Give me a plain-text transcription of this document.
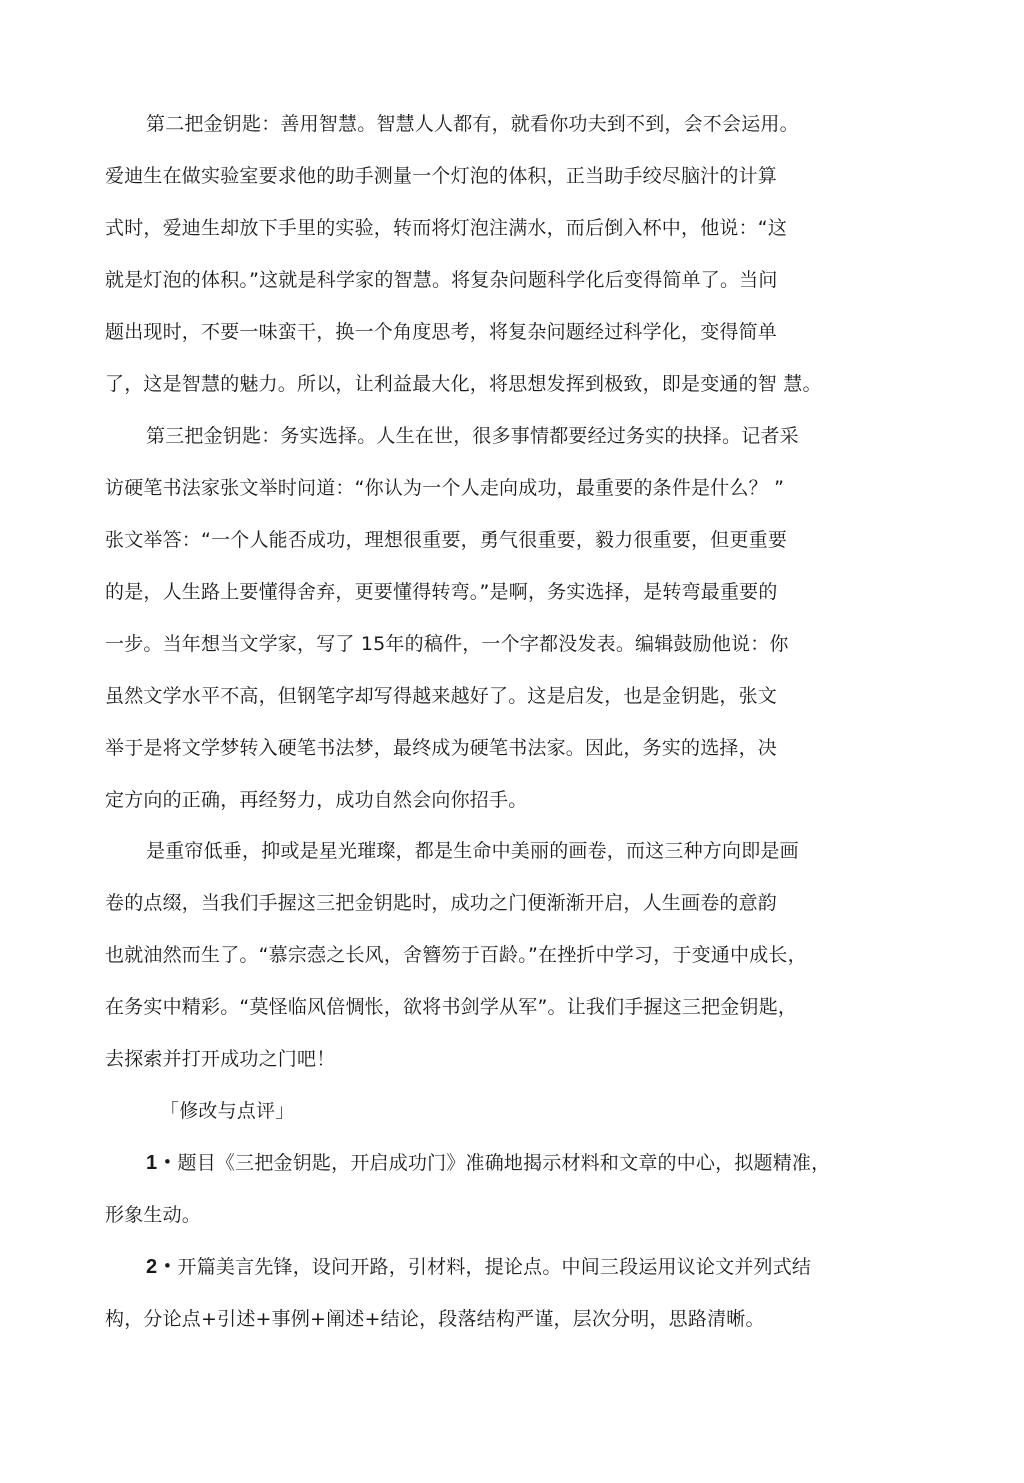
第二把金钥匙：善用智慧。智慧人人都有，就看你功夫到不到，会不会运用。
爱迪生在做实验室要求他的助手测量一个灯泡的体积，正当助手绞尽脑汁的计算
式时，爱迪生却放下手里的实验，转而将灯泡注满水，而后倒入杯中，他说：“这
就是灯泡的体积。”这就是科学家的智慧。将复杂问题科学化后变得简单了。当问
题出现时，不要一味蛮干，换一个角度思考，将复杂问题经过科学化，变得简单
了，这是智慧的魅力。所以，让利益最大化，将思想发挥到极致，即是变通的智 慧。
第三把金钥匙：务实选择。人生在世，很多事情都要经过务实的抉择。记者采
访硬笔书法家张文举时问道：“你认为一个人走向成功，最重要的条件是什么？ ”
张文举答：“一个人能否成功，理想很重要，勇气很重要，毅力很重要，但更重要
的是，人生路上要懂得舍弃，更要懂得转弯。”是啊，务实选择，是转弯最重要的
一步。当年想当文学家，写了 15年的稿件，一个字都没发表。编辑鼓励他说：你
虽然文学水平不高，但钢笔字却写得越来越好了。这是启发，也是金钥匙，张文
举于是将文学梦转入硬笔书法梦，最终成为硬笔书法家。因此，务实的选择，决
定方向的正确，再经努力，成功自然会向你招手。
是重帘低垂，抑或是星光璀璨，都是生命中美丽的画卷，而这三种方向即是画
卷的点缀，当我们手握这三把金钥匙时，成功之门便渐渐开启，人生画卷的意韵
也就油然而生了。“慕宗悫之长风，舍簪笏于百龄。”在挫折中学习，于变通中成长，
在务实中精彩。“莫怪临风倍惆怅，欲将书剑学从军”。让我们手握这三把金钥匙，
去探索并打开成功之门吧！
「修改与点评」
1・题目《三把金钥匙，开启成功门》准确地揭示材料和文章的中心，拟题精准，
形象生动。
2・开篇美言先锋，设问开路，引材料，提论点。中间三段运用议论文并列式结
构，分论点+引述+事例+阐述+结论，段落结构严谨，层次分明，思路清晰。
